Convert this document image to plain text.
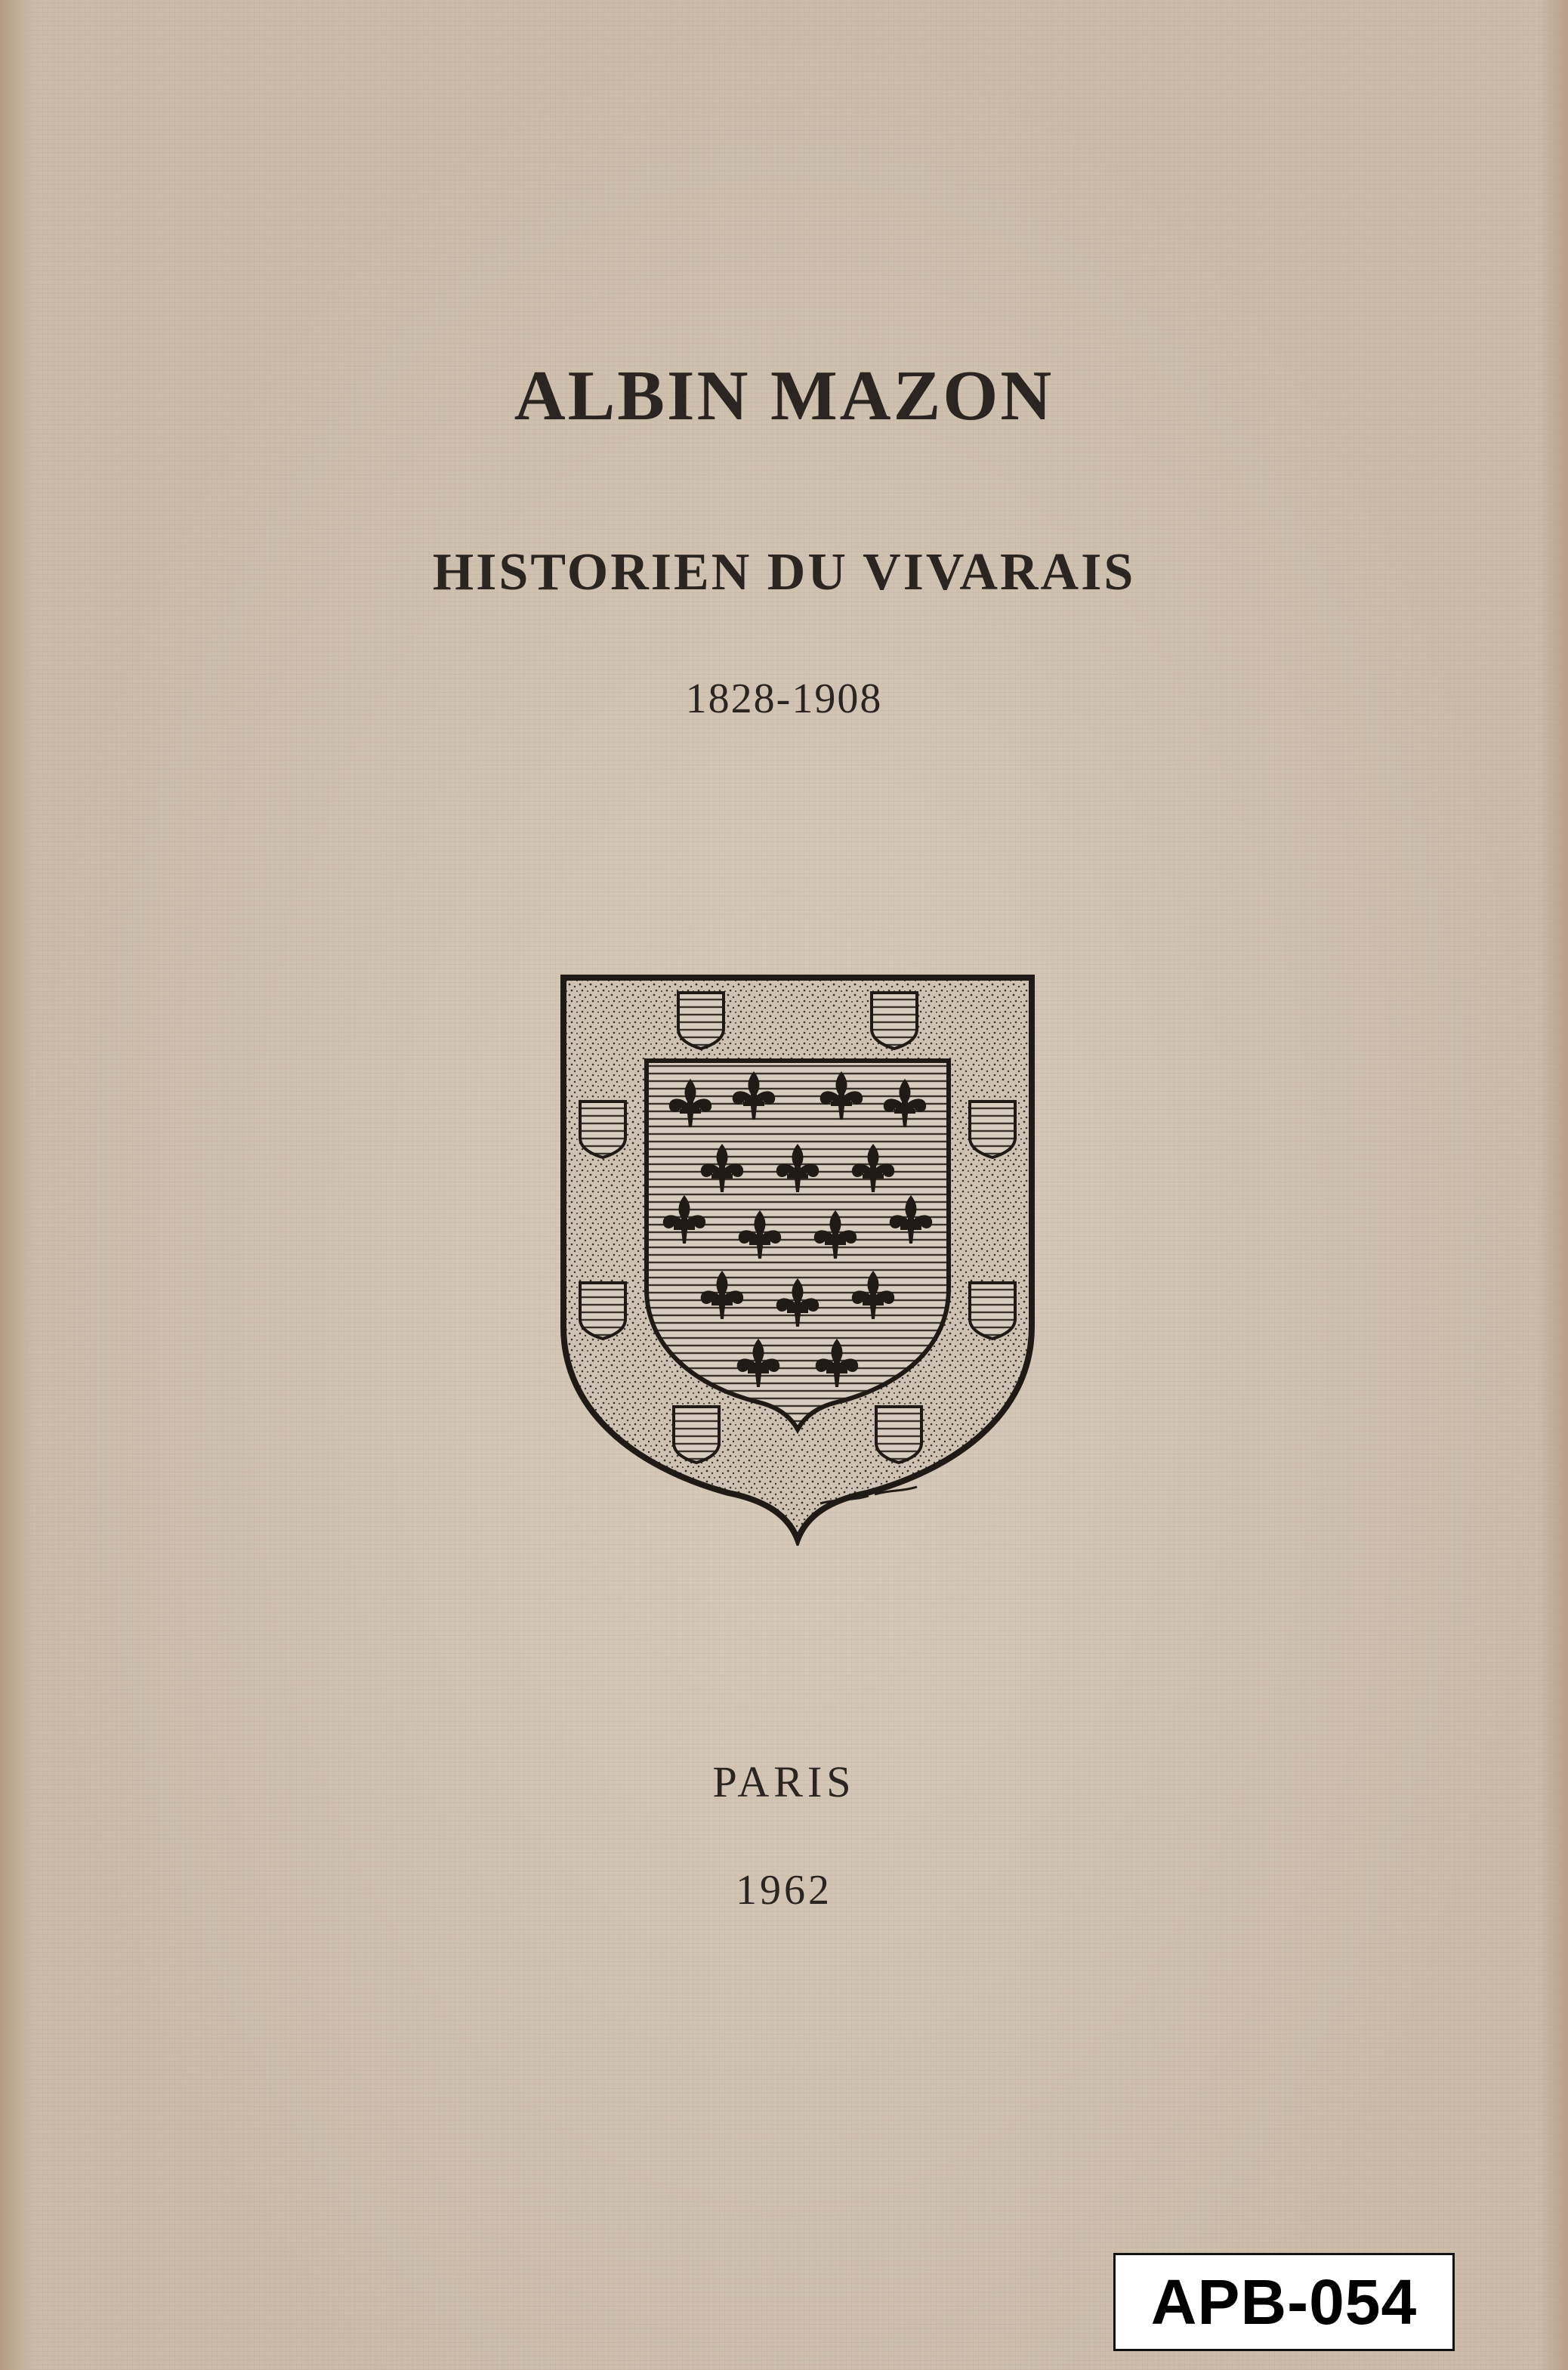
ALBIN MAZON
HISTORIEN DU VIVARAIS
1828-1908
PARIS
1962
APB-054
